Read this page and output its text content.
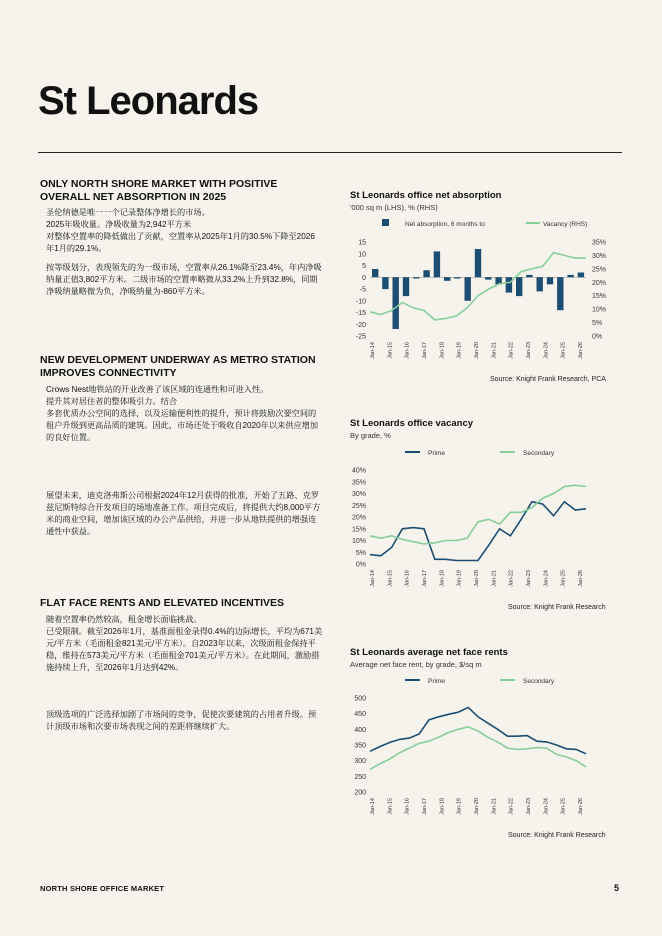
St Leonards

ONLY NORTH SHORE MARKET WITH POSITIVE OVERALL NET ABSORPTION IN 2025

圣伦纳德是唯一一个记录整体净增长的市场。

2025年吸收量。净吸收量为2,942平方米

对整体空置率的降低做出了贡献，空置率从2025年1月的30.5%下降至2026年1月的29.1%。

按等级划分，表现领先的为一级市场，空置率从26.1%降至23.4%，年内净吸纳量正值3,802平方米。二级市场的空置率略微从33.2%上升到32.8%，同期净吸纳量略微为负，净吸纳量为-860平方米。

NEW DEVELOPMENT UNDERWAY AS METRO STATION IMPROVES CONNECTIVITY

Crows Nest地铁站的开业改善了该区域的连通性和可进入性。

提升其对居住者的整体吸引力。结合

多套优质办公空间的选择，以及运输便利性的提升，预计将鼓励次要空间的租户升级到更高品质的建筑。因此，市场还处于吸收自2020年以来供应增加的良好位置。

展望未来，迪克洛弗斯公司根据2024年12月获得的批准，开始了五路、克罗兹尼斯特综合开发项目的场地准备工作。项目完成后，将提供大约8,000平方米的商业空间，增加该区域的办公产品供给，并进一步从地铁提供的增强连通性中获益。

FLAT FACE RENTS AND ELEVATED INCENTIVES

随着空置率仍然较高，租金增长面临挑战。

已受限制。截至2026年1月，基准面租金录得0.4%的边际增长，平均为671美元/平方米（毛面租金821美元/平方米）。自2023年以来，次级面租金保持平稳，维持在573美元/平方米（毛面租金701美元/平方米）。在此期间，激励措施持续上升，至2026年1月达到42%。

顶级选项的广泛选择加剧了市场间的竞争，促使次要建筑的占用者升级。预计顶级市场和次要市场表现之间的差距将继续扩大。

St Leonards office net absorption

'000 sq m (LHS), % (RHS)

Net absorption, 6 months to	Vacancy (RHS)
15
10
5
0
-5
-10
-15
-20
-25
35%
30%
25%
20%
15%
10%
5%
0%
Jan-14 Jan-15 Jan-16 Jan-17 Jan-18 Jan-19 Jan-20 Jan-21 Jan-22 Jan-23 Jan-24 Jan-25 Jan-26

Source: Knight Frank Research, PCA

St Leonards office vacancy

By grade, %

Prime	Secondary
40%
35%
30%
25%
20%
15%
10%
5%
0%
Jan-14 Jan-15 Jan-16 Jan-17 Jan-18 Jan-19 Jan-20 Jan-21 Jan-22 Jan-23 Jan-24 Jan-25 Jan-26

Source: Knight Frank Research

St Leonards average net face rents

Average net face rent, by grade, $/sq m

Prime	Secondary
500
450
400
350
300
250
200
Jan-14 Jan-15 Jan-16 Jan-17 Jan-18 Jan-19 Jan-20 Jan-21 Jan-22 Jan-23 Jan-24 Jan-25 Jan-26

Source: Knight Frank Research

NORTH SHORE OFFICE MARKET	5
